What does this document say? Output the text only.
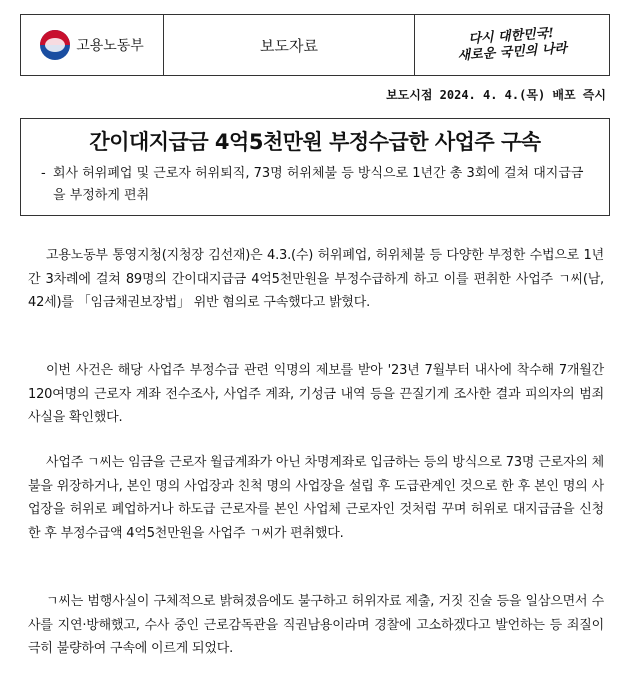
고용노동부	보도자료	다시 대한민국!
새로운 국민의 나라
보도시점 2024. 4. 4.(목) 배포 즉시
간이대지급금 4억5천만원 부정수급한 사업주 구속
- 회사 허위폐업 및 근로자 허위퇴직, 73명 허위체불 등 방식으로 1년간 총 3회에 걸쳐 대지급금을 부정하게 편취

고용노동부 통영지청(지청장 김선재)은 4.3.(수) 허위폐업, 허위체불 등 다양한 부정한 수법으로 1년간 3차례에 걸쳐 89명의 간이대지급금 4억5천만원을 부정수급하게 하고 이를 편취한 사업주 ㄱ씨(남, 42세)를 「임금채권보장법」 위반 혐의로 구속했다고 밝혔다.

이번 사건은 해당 사업주 부정수급 관련 익명의 제보를 받아 '23년 7월부터 내사에 착수해 7개월간 120여명의 근로자 계좌 전수조사, 사업주 계좌, 기성금 내역 등을 끈질기게 조사한 결과 피의자의 범죄사실을 확인했다.

사업주 ㄱ씨는 임금을 근로자 월급계좌가 아닌 차명계좌로 입금하는 등의 방식으로 73명 근로자의 체불을 위장하거나, 본인 명의 사업장과 친척 명의 사업장을 설립 후 도급관계인 것으로 한 후 본인 명의 사업장을 허위로 폐업하거나 하도급 근로자를 본인 사업체 근로자인 것처럼 꾸며 허위로 대지급금을 신청한 후 부정수급액 4억5천만원을 사업주 ㄱ씨가 편취했다.

ㄱ씨는 범행사실이 구체적으로 밝혀졌음에도 불구하고 허위자료 제출, 거짓 진술 등을 일삼으면서 수사를 지연·방해했고, 수사 중인 근로감독관을 직권남용이라며 경찰에 고소하겠다고 발언하는 등 죄질이 극히 불량하여 구속에 이르게 되었다.
